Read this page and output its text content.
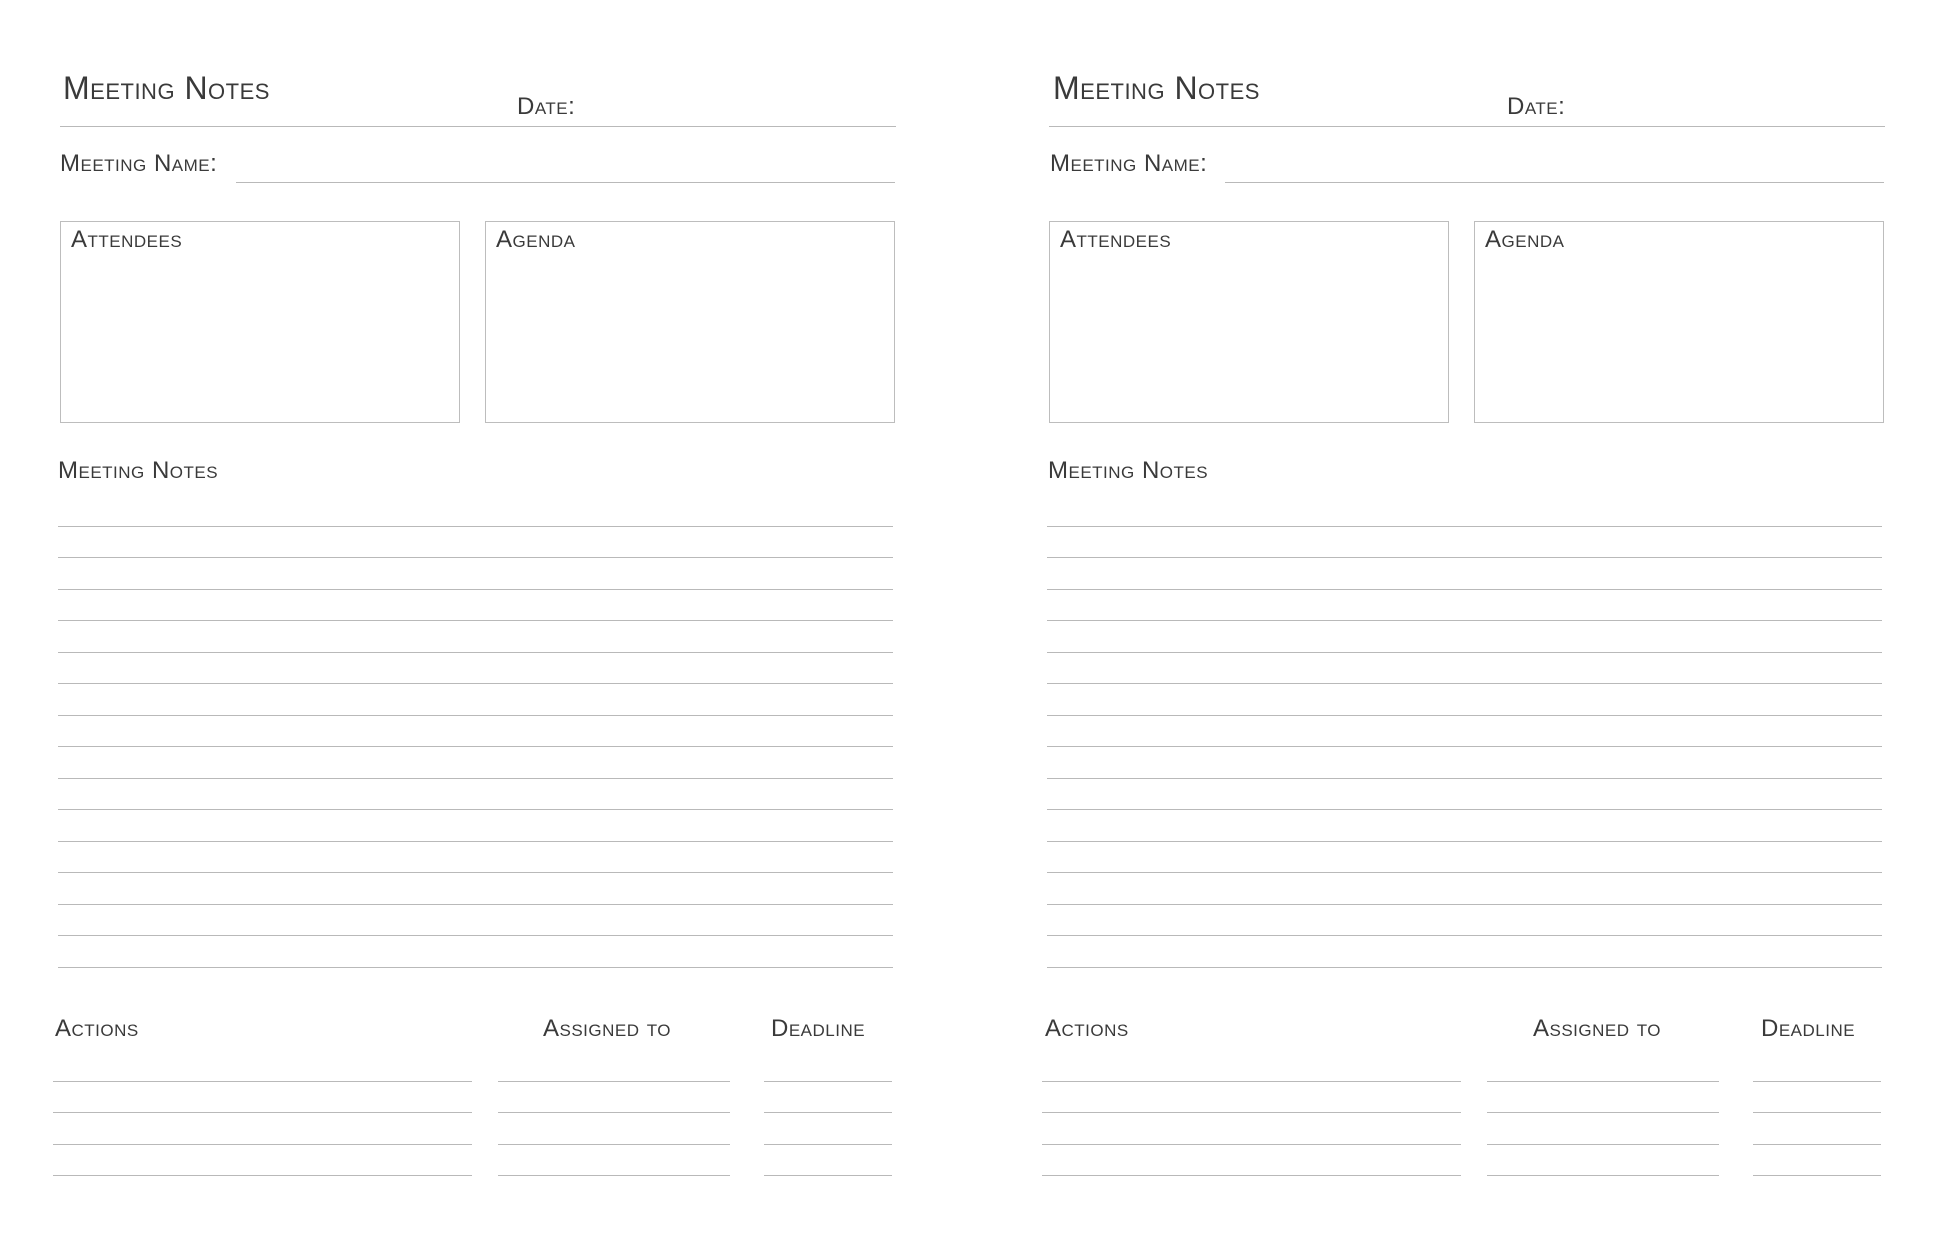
Meeting Notes
Date:
Meeting Name:
Attendees	Agenda
Meeting Notes
Actions	Assigned to	Deadline
Meeting Notes
Date:
Meeting Name:
Attendees	Agenda
Meeting Notes
Actions	Assigned to	Deadline
